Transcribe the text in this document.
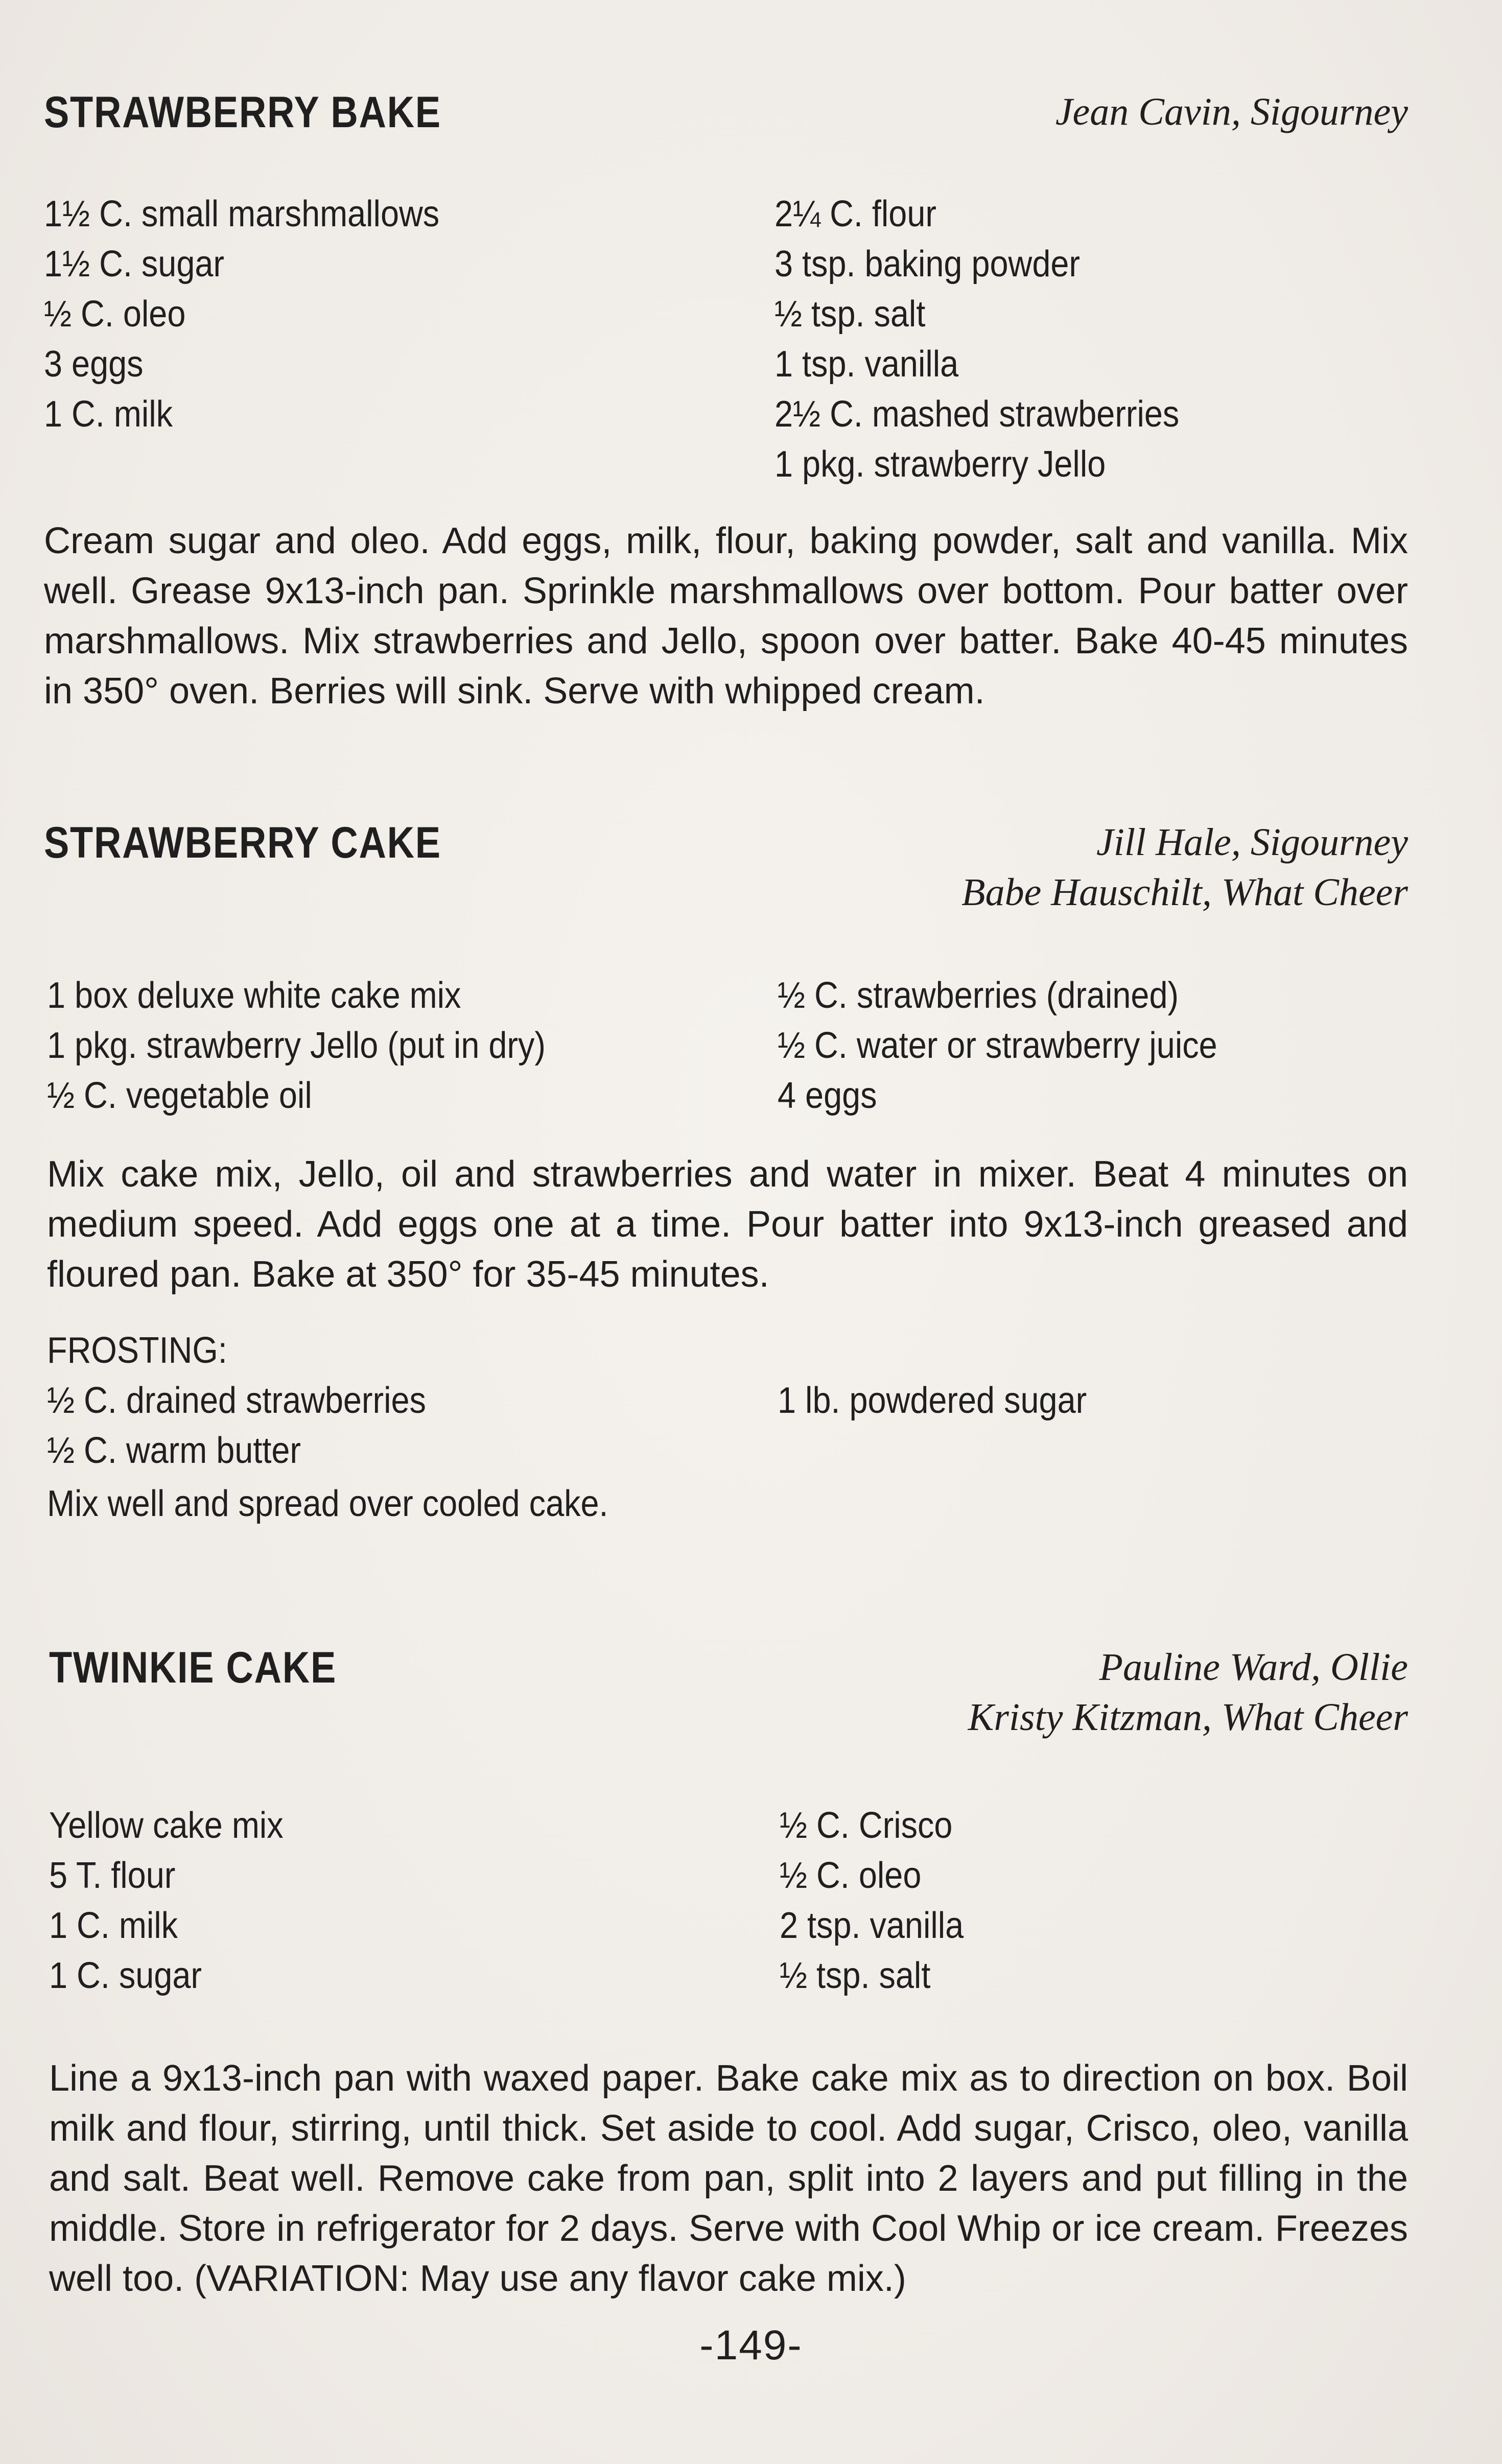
STRAWBERRY BAKE	Jean Cavin, Sigourney
1½ C. small marshmallows
1½ C. sugar
½ C. oleo
3 eggs
1 C. milk
2¼ C. flour
3 tsp. baking powder
½ tsp. salt
1 tsp. vanilla
2½ C. mashed strawberries
1 pkg. strawberry Jello
Cream sugar and oleo. Add eggs, milk, flour, baking powder, salt and vanilla. Mix well. Grease 9x13-inch pan. Sprinkle marshmallows over bottom. Pour batter over marshmallows. Mix strawberries and Jello, spoon over batter. Bake 40-45 minutes in 350° oven. Berries will sink. Serve with whipped cream.
STRAWBERRY CAKE	Jill Hale, Sigourney
Babe Hauschilt, What Cheer
1 box deluxe white cake mix
1 pkg. strawberry Jello (put in dry)
½ C. vegetable oil
½ C. strawberries (drained)
½ C. water or strawberry juice
4 eggs
Mix cake mix, Jello, oil and strawberries and water in mixer. Beat 4 minutes on medium speed. Add eggs one at a time. Pour batter into 9x13-inch greased and floured pan. Bake at 350° for 35-45 minutes.
FROSTING:
½ C. drained strawberries
½ C. warm butter
1 lb. powdered sugar
Mix well and spread over cooled cake.
TWINKIE CAKE	Pauline Ward, Ollie
Kristy Kitzman, What Cheer
Yellow cake mix
5 T. flour
1 C. milk
1 C. sugar
½ C. Crisco
½ C. oleo
2 tsp. vanilla
½ tsp. salt
Line a 9x13-inch pan with waxed paper. Bake cake mix as to direction on box. Boil milk and flour, stirring, until thick. Set aside to cool. Add sugar, Crisco, oleo, vanilla and salt. Beat well. Remove cake from pan, split into 2 layers and put filling in the middle. Store in refrigerator for 2 days. Serve with Cool Whip or ice cream. Freezes well too. (VARIATION: May use any flavor cake mix.)
-149-
